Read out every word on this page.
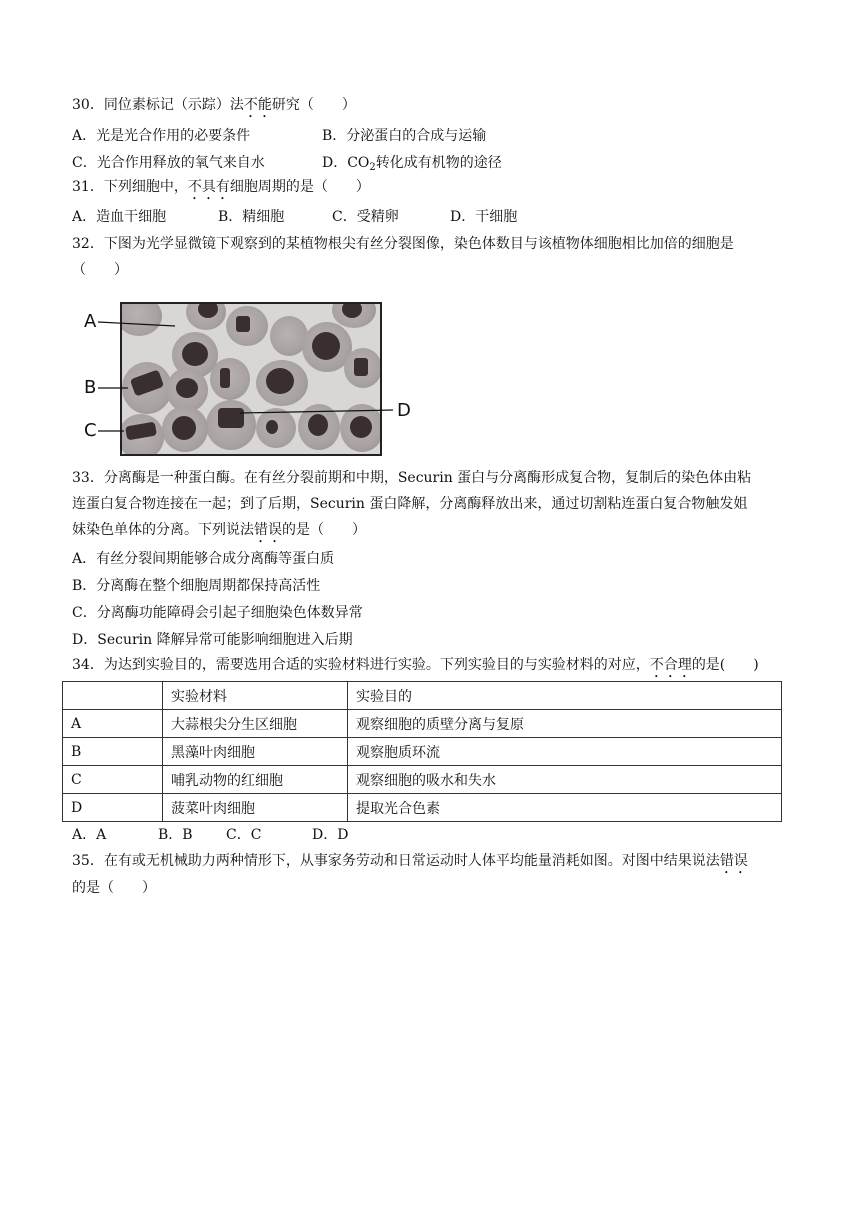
30．同位素标记（示踪）法不能研究（　　）
A．光是光合作用的必要条件	B．分泌蛋白的合成与运输
C．光合作用释放的氧气来自水	D．$CO_2$转化成有机物的途径
31．下列细胞中，不具有细胞周期的是（　　）
A．造血干细胞	B．精细胞	C．受精卵	D．干细胞
32．下图为光学显微镜下观察到的某植物根尖有丝分裂图像，染色体数目与该植物体细胞相比加倍的细胞是
（　　）
A
B
C
D
33．分离酶是一种蛋白酶。在有丝分裂前期和中期，Securin 蛋白与分离酶形成复合物，复制后的染色体由粘
连蛋白复合物连接在一起；到了后期，Securin 蛋白降解，分离酶释放出来，通过切割粘连蛋白复合物触发姐
妹染色单体的分离。下列说法错误的是（　　）
A．有丝分裂间期能够合成分离酶等蛋白质
B．分离酶在整个细胞周期都保持高活性
C．分离酶功能障碍会引起子细胞染色体数异常
D．Securin 降解异常可能影响细胞进入后期
34．为达到实验目的，需要选用合适的实验材料进行实验。下列实验目的与实验材料的对应，不合理的是(　　)
	实验材料	实验目的
A	大蒜根尖分生区细胞	观察细胞的质壁分离与复原
B	黑藻叶肉细胞	观察胞质环流
C	哺乳动物的红细胞	观察细胞的吸水和失水
D	菠菜叶肉细胞	提取光合色素
A．A	B．B C．C	D．D
35．在有或无机械助力两种情形下，从事家务劳动和日常运动时人体平均能量消耗如图。对图中结果说法错误
的是（　　）
